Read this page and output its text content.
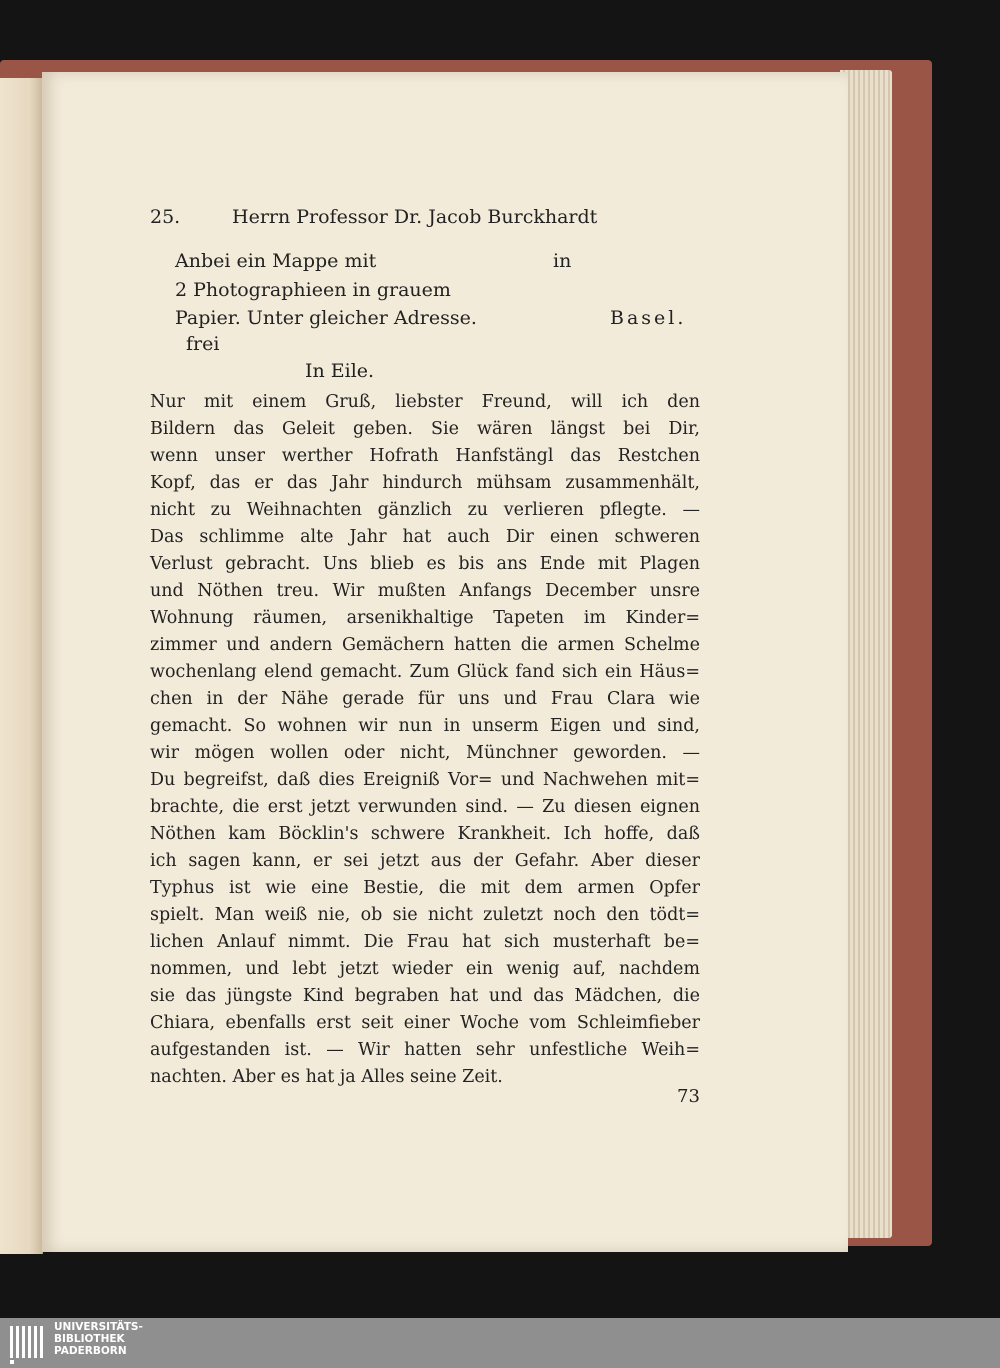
25.	Herrn Professor Dr. Jacob Burckhardt
Anbei ein Mappe mit	in
2 Photographieen in grauem
Papier. Unter gleicher Adresse.	Basel.
frei
In Eile.
Nur mit einem Gruß, liebster Freund, will ich den
Bildern das Geleit geben. Sie wären längst bei Dir,
wenn unser werther Hofrath Hanfstängl das Restchen
Kopf, das er das Jahr hindurch mühsam zusammenhält,
nicht zu Weihnachten gänzlich zu verlieren pflegte. —
Das schlimme alte Jahr hat auch Dir einen schweren
Verlust gebracht. Uns blieb es bis ans Ende mit Plagen
und Nöthen treu. Wir mußten Anfangs December unsre
Wohnung räumen, arsenikhaltige Tapeten im Kinder=
zimmer und andern Gemächern hatten die armen Schelme
wochenlang elend gemacht. Zum Glück fand sich ein Häus=
chen in der Nähe gerade für uns und Frau Clara wie
gemacht. So wohnen wir nun in unserm Eigen und sind,
wir mögen wollen oder nicht, Münchner geworden. —
Du begreifst, daß dies Ereigniß Vor= und Nachwehen mit=
brachte, die erst jetzt verwunden sind. — Zu diesen eignen
Nöthen kam Böcklin's schwere Krankheit. Ich hoffe, daß
ich sagen kann, er sei jetzt aus der Gefahr. Aber dieser
Typhus ist wie eine Bestie, die mit dem armen Opfer
spielt. Man weiß nie, ob sie nicht zuletzt noch den tödt=
lichen Anlauf nimmt. Die Frau hat sich musterhaft be=
nommen, und lebt jetzt wieder ein wenig auf, nachdem
sie das jüngste Kind begraben hat und das Mädchen, die
Chiara, ebenfalls erst seit einer Woche vom Schleimfieber
aufgestanden ist. — Wir hatten sehr unfestliche Weih=
nachten. Aber es hat ja Alles seine Zeit.
73
UNIVERSITÄTS-
BIBLIOTHEK
PADERBORN
